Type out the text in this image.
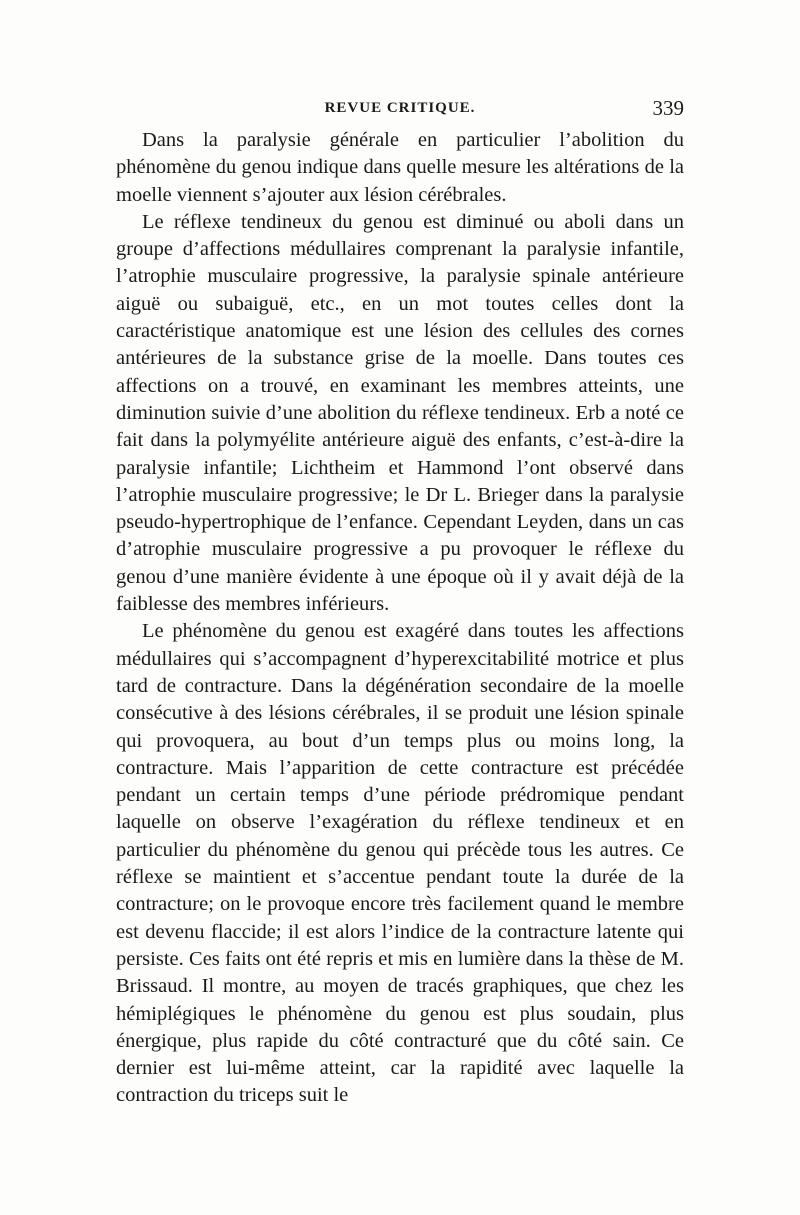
REVUE CRITIQUE.	339

Dans la paralysie générale en particulier l’abolition du phénomène du genou indique dans quelle mesure les altérations de la moelle viennent s’ajouter aux lésion cérébrales.

Le réflexe tendineux du genou est diminué ou aboli dans un groupe d’affections médullaires comprenant la paralysie infantile, l’atrophie musculaire progressive, la paralysie spinale antérieure aiguë ou subaiguë, etc., en un mot toutes celles dont la caractéristique anatomique est une lésion des cellules des cornes antérieures de la substance grise de la moelle. Dans toutes ces affections on a trouvé, en examinant les membres atteints, une diminution suivie d’une abolition du réflexe tendineux. Erb a noté ce fait dans la polymyélite antérieure aiguë des enfants, c’est-à-dire la paralysie infantile; Lichtheim et Hammond l’ont observé dans l’atrophie musculaire progressive; le Dr L. Brieger dans la paralysie pseudo-hypertrophique de l’enfance. Cependant Leyden, dans un cas d’atrophie musculaire progressive a pu provoquer le réflexe du genou d’une manière évidente à une époque où il y avait déjà de la faiblesse des membres inférieurs.

Le phénomène du genou est exagéré dans toutes les affections médullaires qui s’accompagnent d’hyperexcitabilité motrice et plus tard de contracture. Dans la dégénération secondaire de la moelle consécutive à des lésions cérébrales, il se produit une lésion spinale qui provoquera, au bout d’un temps plus ou moins long, la contracture. Mais l’apparition de cette contracture est précédée pendant un certain temps d’une période prédromique pendant laquelle on observe l’exagération du réflexe tendineux et en particulier du phénomène du genou qui précède tous les autres. Ce réflexe se maintient et s’accentue pendant toute la durée de la contracture; on le provoque encore très facilement quand le membre est devenu flaccide; il est alors l’indice de la contracture latente qui persiste. Ces faits ont été repris et mis en lumière dans la thèse de M. Brissaud. Il montre, au moyen de tracés graphiques, que chez les hémiplégiques le phénomène du genou est plus soudain, plus énergique, plus rapide du côté contracturé que du côté sain. Ce dernier est lui-même atteint, car la rapidité avec laquelle la contraction du triceps suit le
